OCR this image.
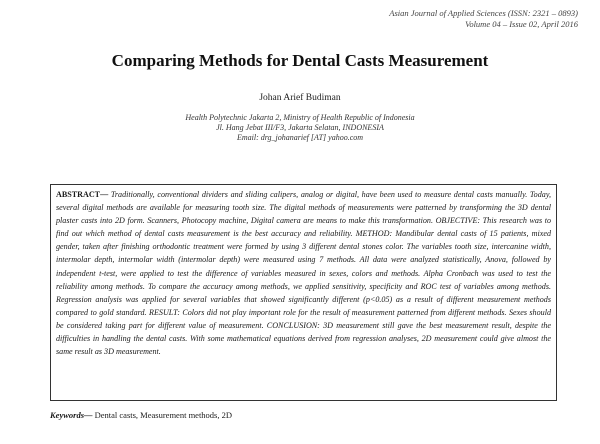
Asian Journal of Applied Sciences (ISSN: 2321 – 0893)
Volume 04 – Issue 02, April 2016
Comparing Methods for Dental Casts Measurement
Johan Arief Budiman
Health Polytechnic Jakarta 2, Ministry of Health Republic of Indonesia
Jl. Hang Jebat III/F3, Jakarta Selatan, INDONESIA
Email: drg_johanarief [AT] yahoo.com

ABSTRACT— Traditionally, conventional dividers and sliding calipers, analog or digital, have been used to measure dental casts manually. Today, several digital methods are available for measuring tooth size. The digital methods of measurements were patterned by transforming the 3D dental plaster casts into 2D form. Scanners, Photocopy machine, Digital camera are means to make this transformation. OBJECTIVE: This research was to find out which method of dental casts measurement is the best accuracy and reliability. METHOD: Mandibular dental casts of 15 patients, mixed gender, taken after finishing orthodontic treatment were formed by using 3 different dental stones color. The variables tooth size, intercanine width, intermolar depth, intermolar width (intermolar depth) were measured using 7 methods. All data were analyzed statistically, Anova, followed by independent t-test, were applied to test the difference of variables measured in sexes, colors and methods. Alpha Cronbach was used to test the reliability among methods. To compare the accuracy among methods, we applied sensitivity, specificity and ROC test of variables among methods. Regression analysis was applied for several variables that showed significantly different (p<0.05) as a result of different measurement methods compared to gold standard. RESULT: Colors did not play important role for the result of measurement patterned from different methods. Sexes should be considered taking part for different value of measurement. CONCLUSION: 3D measurement still gave the best measurement result, despite the difficulties in handling the dental casts. With some mathematical equations derived from regression analyses, 2D measurement could give almost the same result as 3D measurement.

Keywords— Dental casts, Measurement methods, 2D
